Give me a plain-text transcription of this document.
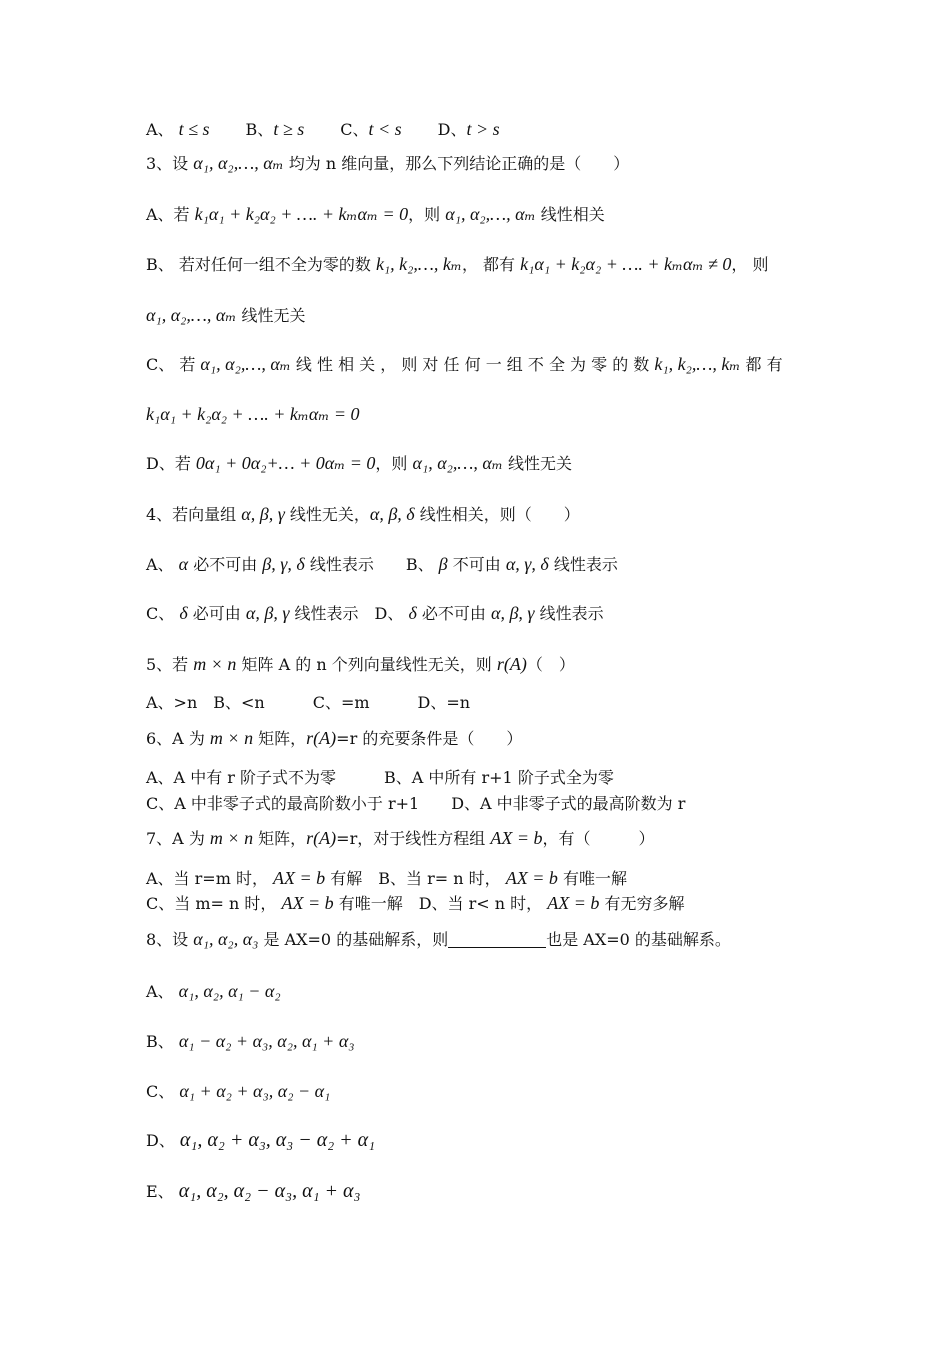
A、 t ≤ s B、t ≥ s C、t < s D、t > s
3、设 α₁, α₂,…, αₘ 均为 n 维向量，那么下列结论正确的是（　　）
A、若 k₁α₁ + k₂α₂ + …. + kₘαₘ = 0，则 α₁, α₂,…, αₘ 线性相关
B、 若对任何一组不全为零的数 k₁, k₂,…, kₘ， 都有 k₁α₁ + k₂α₂ + …. + kₘαₘ ≠ 0， 则
α₁, α₂,…, αₘ 线性无关
C、 若 α₁, α₂,…, αₘ 线 性 相 关 ， 则 对 任 何 一 组 不 全 为 零 的 数 k₁, k₂,…, kₘ 都 有
k₁α₁ + k₂α₂ + …. + kₘαₘ = 0
D、若 0α₁ + 0α₂+… + 0αₘ = 0，则 α₁, α₂,…, αₘ 线性无关
4、若向量组 α, β, γ 线性无关，α, β, δ 线性相关，则（　　）
A、 α 必不可由 β, γ, δ 线性表示　　B、 β 不可由 α, γ, δ 线性表示
C、 δ 必可由 α, β, γ 线性表示　D、 δ 必不可由 α, β, γ 线性表示
5、若 m × n 矩阵 A 的 n 个列向量线性无关，则 r(A)（　）
A、>n　B、<n　　　C、=m　　　D、=n
6、A 为 m × n 矩阵，r(A)=r 的充要条件是（　　）
A、A 中有 r 阶子式不为零　　　B、A 中所有 r+1 阶子式全为零
C、A 中非零子式的最高阶数小于 r+1　　D、A 中非零子式的最高阶数为 r
7、A 为 m × n 矩阵，r(A)=r，对于线性方程组 AX = b，有（　　　）
A、当 r=m 时， AX = b 有解　B、当 r= n 时， AX = b 有唯一解
C、当 m= n 时， AX = b 有唯一解　D、当 r< n 时， AX = b 有无穷多解
8、设 α₁, α₂, α₃ 是 AX=0 的基础解系，则	也是 AX=0 的基础解系。
A、 α₁, α₂, α₁ − α₂
B、 α₁ − α₂ + α₃, α₂, α₁ + α₃
C、 α₁ + α₂ + α₃, α₂ − α₁
D、 α₁, α₂ + α₃, α₃ − α₂ + α₁
E、 α₁, α₂, α₂ − α₃, α₁ + α₃
